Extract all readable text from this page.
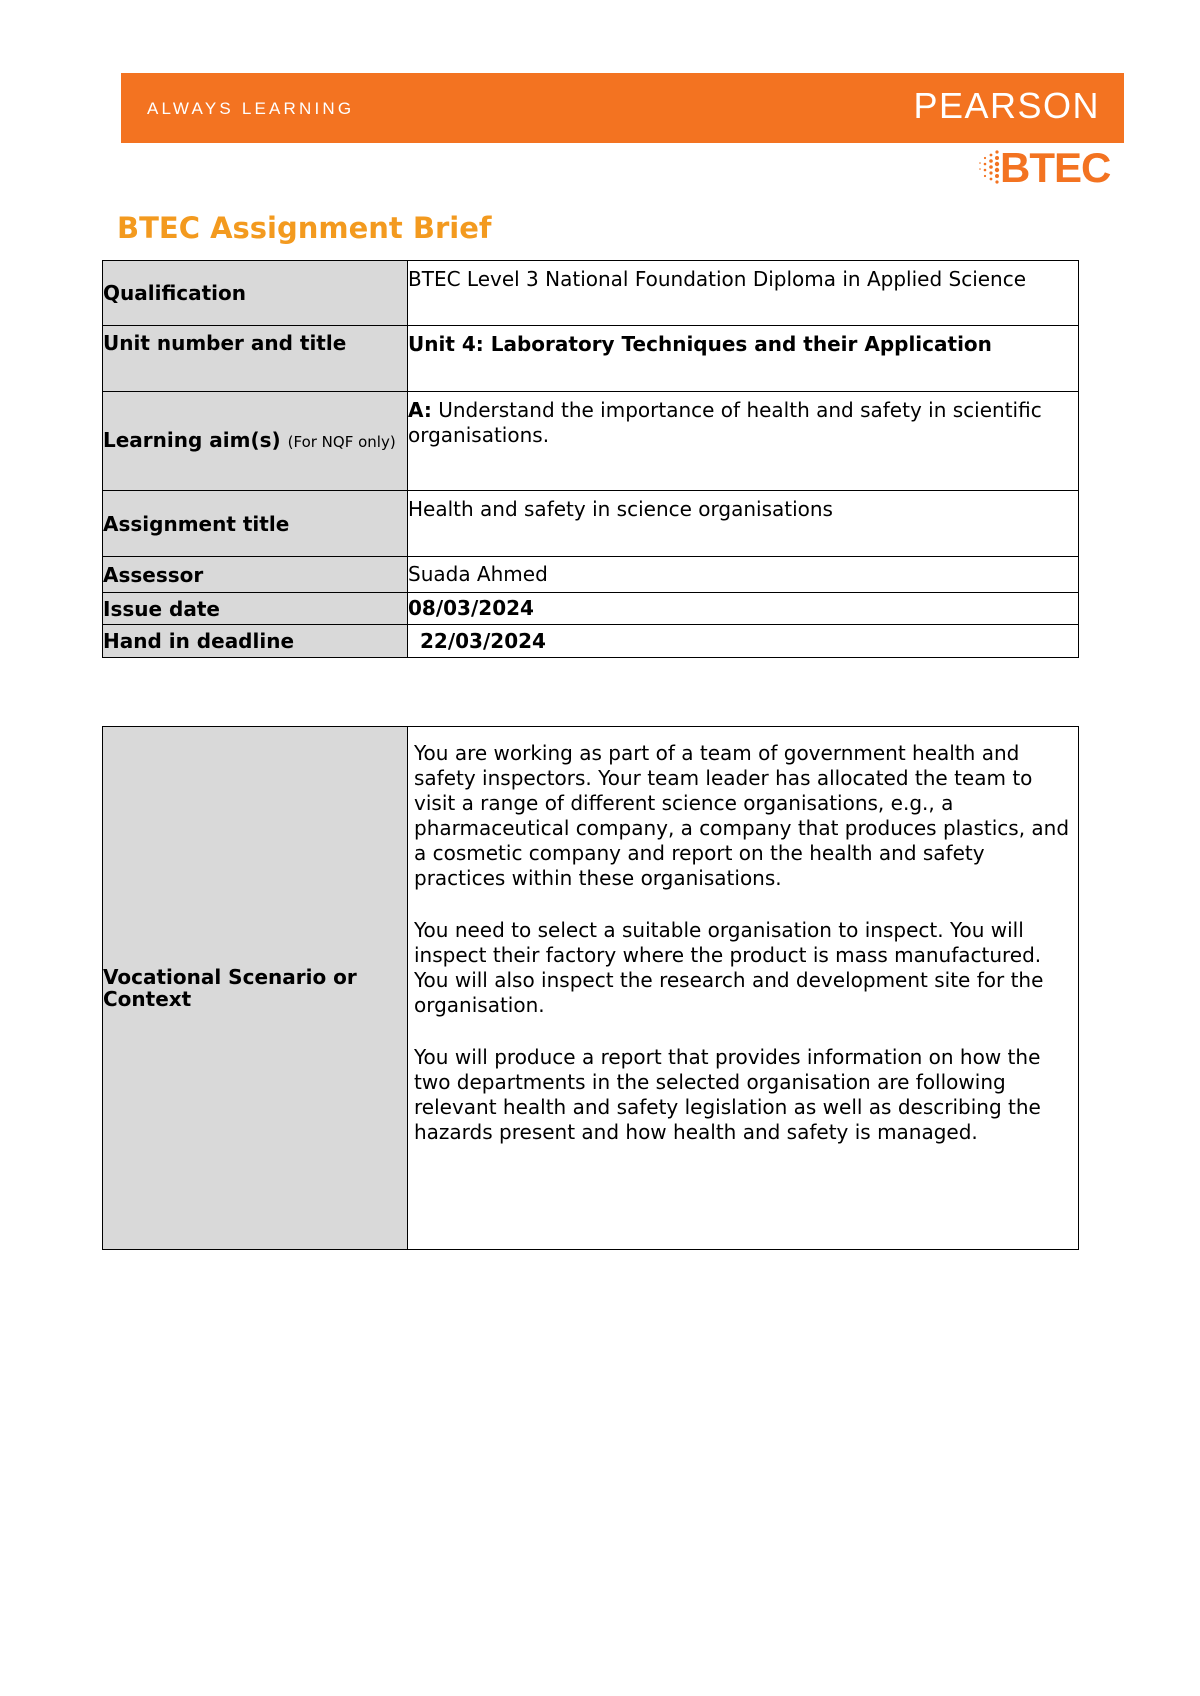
ALWAYS LEARNING	PEARSON
BTEC
BTEC Assignment Brief
Qualification	BTEC Level 3 National Foundation Diploma in Applied Science
Unit number and title	Unit 4: Laboratory Techniques and their Application
Learning aim(s) (For NQF only)	A: Understand the importance of health and safety in scientific organisations.
Assignment title	Health and safety in science organisations
Assessor	Suada Ahmed
Issue date	08/03/2024
Hand in deadline	22/03/2024
Vocational Scenario or Context	

You are working as part of a team of government health and safety inspectors. Your team leader has allocated the team to visit a range of different science organisations, e.g., a pharmaceutical company, a company that produces plastics, and a cosmetic company and report on the health and safety practices within these organisations.

You need to select a suitable organisation to inspect. You will inspect their factory where the product is mass manufactured. You will also inspect the research and development site for the organisation.

You will produce a report that provides information on how the two departments in the selected organisation are following relevant health and safety legislation as well as describing the hazards present and how health and safety is managed.
